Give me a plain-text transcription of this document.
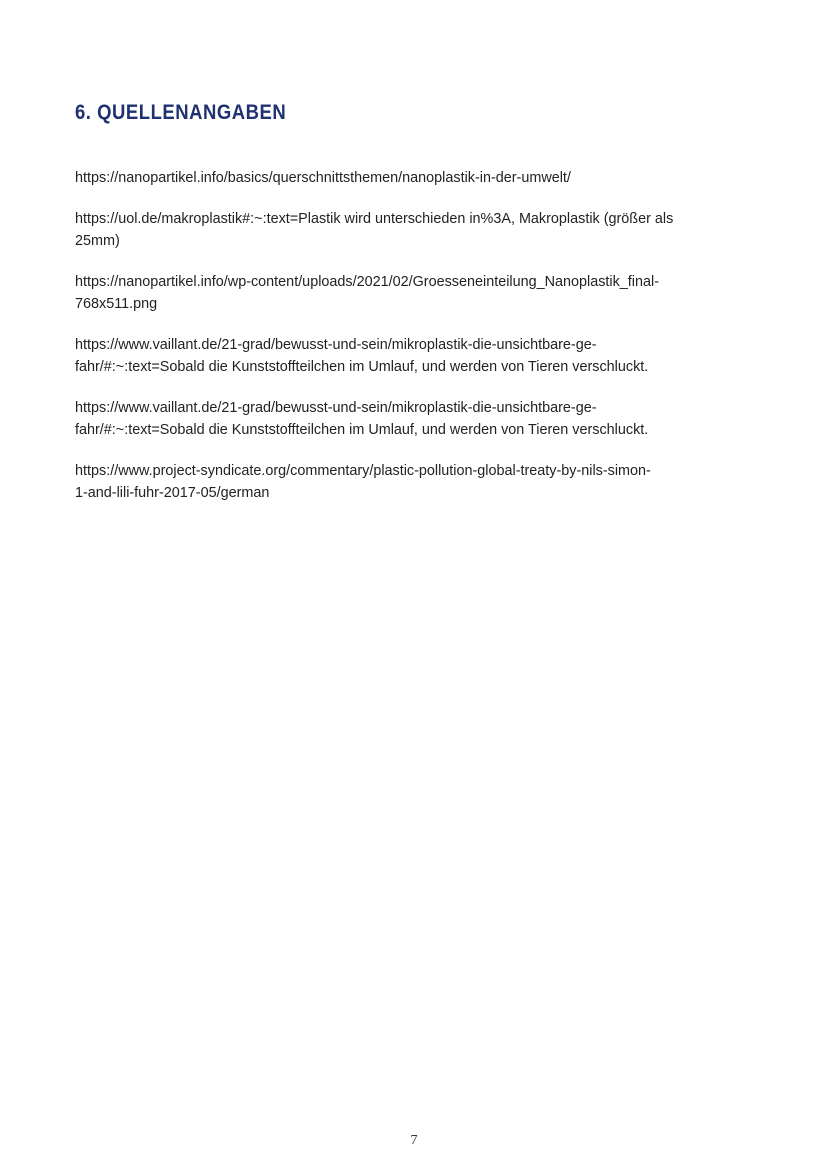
6. QUELLENANGABEN
https://nanopartikel.info/basics/querschnittsthemen/nanoplastik-in-der-umwelt/
https://uol.de/makroplastik#:~:text=Plastik wird unterschieden in%3A, Makroplastik (größer als
25mm)
https://nanopartikel.info/wp-content/uploads/2021/02/Groesseneinteilung_Nanoplastik_final-
768x511.png
https://www.vaillant.de/21-grad/bewusst-und-sein/mikroplastik-die-unsichtbare-ge-
fahr/#:~:text=Sobald die Kunststoffteilchen im Umlauf, und werden von Tieren verschluckt.
https://www.vaillant.de/21-grad/bewusst-und-sein/mikroplastik-die-unsichtbare-ge-
fahr/#:~:text=Sobald die Kunststoffteilchen im Umlauf, und werden von Tieren verschluckt.
https://www.project-syndicate.org/commentary/plastic-pollution-global-treaty-by-nils-simon-
1-and-lili-fuhr-2017-05/german
7
